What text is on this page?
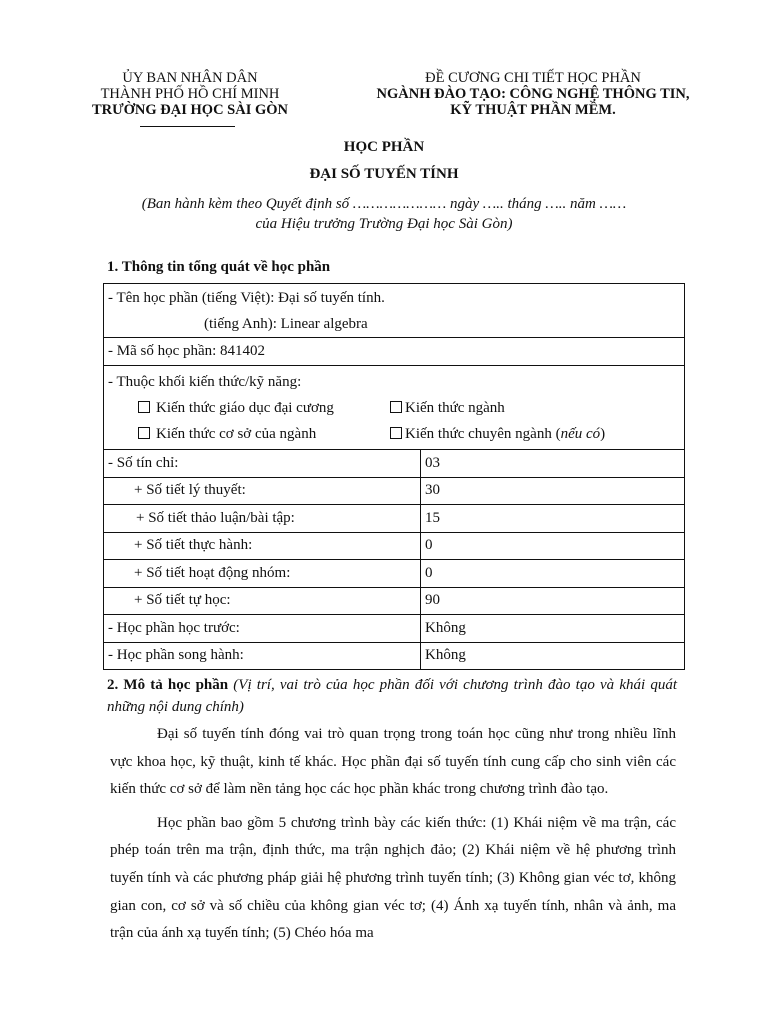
ỦY BAN NHÂN DÂN
THÀNH PHỐ HỒ CHÍ MINH
TRƯỜNG ĐẠI HỌC SÀI GÒN
ĐỀ CƯƠNG CHI TIẾT HỌC PHẦN
NGÀNH ĐÀO TẠO: CÔNG NGHỆ THÔNG TIN,
KỸ THUẬT PHẦN MỀM.
HỌC PHẦN
ĐẠI SỐ TUYẾN TÍNH
(Ban hành kèm theo Quyết định số ………………… ngày ….. tháng ….. năm ……
của Hiệu trưởng Trường Đại học Sài Gòn)
1. Thông tin tổng quát về học phần
- Tên học phần (tiếng Việt): Đại số tuyến tính.
(tiếng Anh): Linear algebra	

- Mã số học phần: 841402	

- Thuộc khối kiến thức/kỹ năng:
Kiến thức giáo dục đại cương Kiến thức ngành
Kiến thức cơ sở của ngành Kiến thức chuyên ngành (nếu có)	

- Số tín chỉ:	03
+ Số tiết lý thuyết:	30
+ Số tiết thảo luận/bài tập:	15
+ Số tiết thực hành:	0
+ Số tiết hoạt động nhóm:	0
+ Số tiết tự học:	90
- Học phần học trước:	Không
- Học phần song hành:	Không
2. Mô tả học phần (Vị trí, vai trò của học phần đối với chương trình đào tạo và khái quát những nội dung chính)

Đại số tuyến tính đóng vai trò quan trọng trong toán học cũng như trong nhiều lĩnh vực khoa học, kỹ thuật, kinh tế khác. Học phần đại số tuyến tính cung cấp cho sinh viên các kiến thức cơ sở để làm nền tảng học các học phần khác trong chương trình đào tạo.

Học phần bao gồm 5 chương trình bày các kiến thức: (1) Khái niệm về ma trận, các phép toán trên ma trận, định thức, ma trận nghịch đảo; (2) Khái niệm về hệ phương trình tuyến tính và các phương pháp giải hệ phương trình tuyến tính; (3) Không gian véc tơ, không gian con, cơ sở và số chiều của không gian véc tơ; (4) Ánh xạ tuyến tính, nhân và ảnh, ma trận của ánh xạ tuyến tính; (5) Chéo hóa ma
